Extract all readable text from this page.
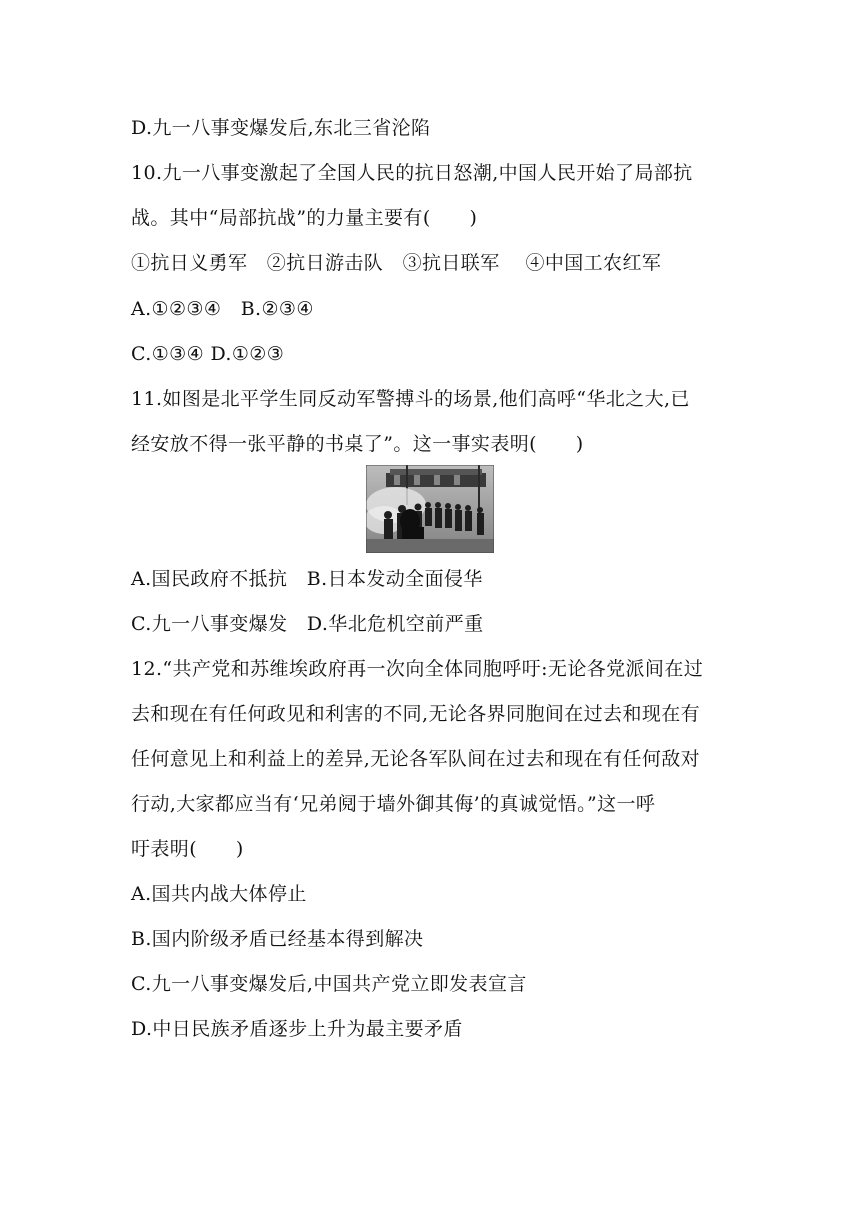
D.九一八事变爆发后,东北三省沦陷
10.九一八事变激起了全国人民的抗日怒潮,中国人民开始了局部抗
战。其中“局部抗战”的力量主要有(　　)
①抗日义勇军　②抗日游击队　③抗日联军　 ④中国工农红军
A.①②③④　B.②③④
C.①③④ D.①②③
11.如图是北平学生同反动军警搏斗的场景,他们高呼“华北之大,已
经安放不得一张平静的书桌了”。这一事实表明(　　)
A.国民政府不抵抗　B.日本发动全面侵华
C.九一八事变爆发　D.华北危机空前严重
12.“共产党和苏维埃政府再一次向全体同胞呼吁:无论各党派间在过
去和现在有任何政见和利害的不同,无论各界同胞间在过去和现在有
任何意见上和利益上的差异,无论各军队间在过去和现在有任何敌对
行动,大家都应当有‘兄弟阋于墙外御其侮’的真诚觉悟。”这一呼
吁表明(　　)
A.国共内战大体停止
B.国内阶级矛盾已经基本得到解决
C.九一八事变爆发后,中国共产党立即发表宣言
D.中日民族矛盾逐步上升为最主要矛盾
